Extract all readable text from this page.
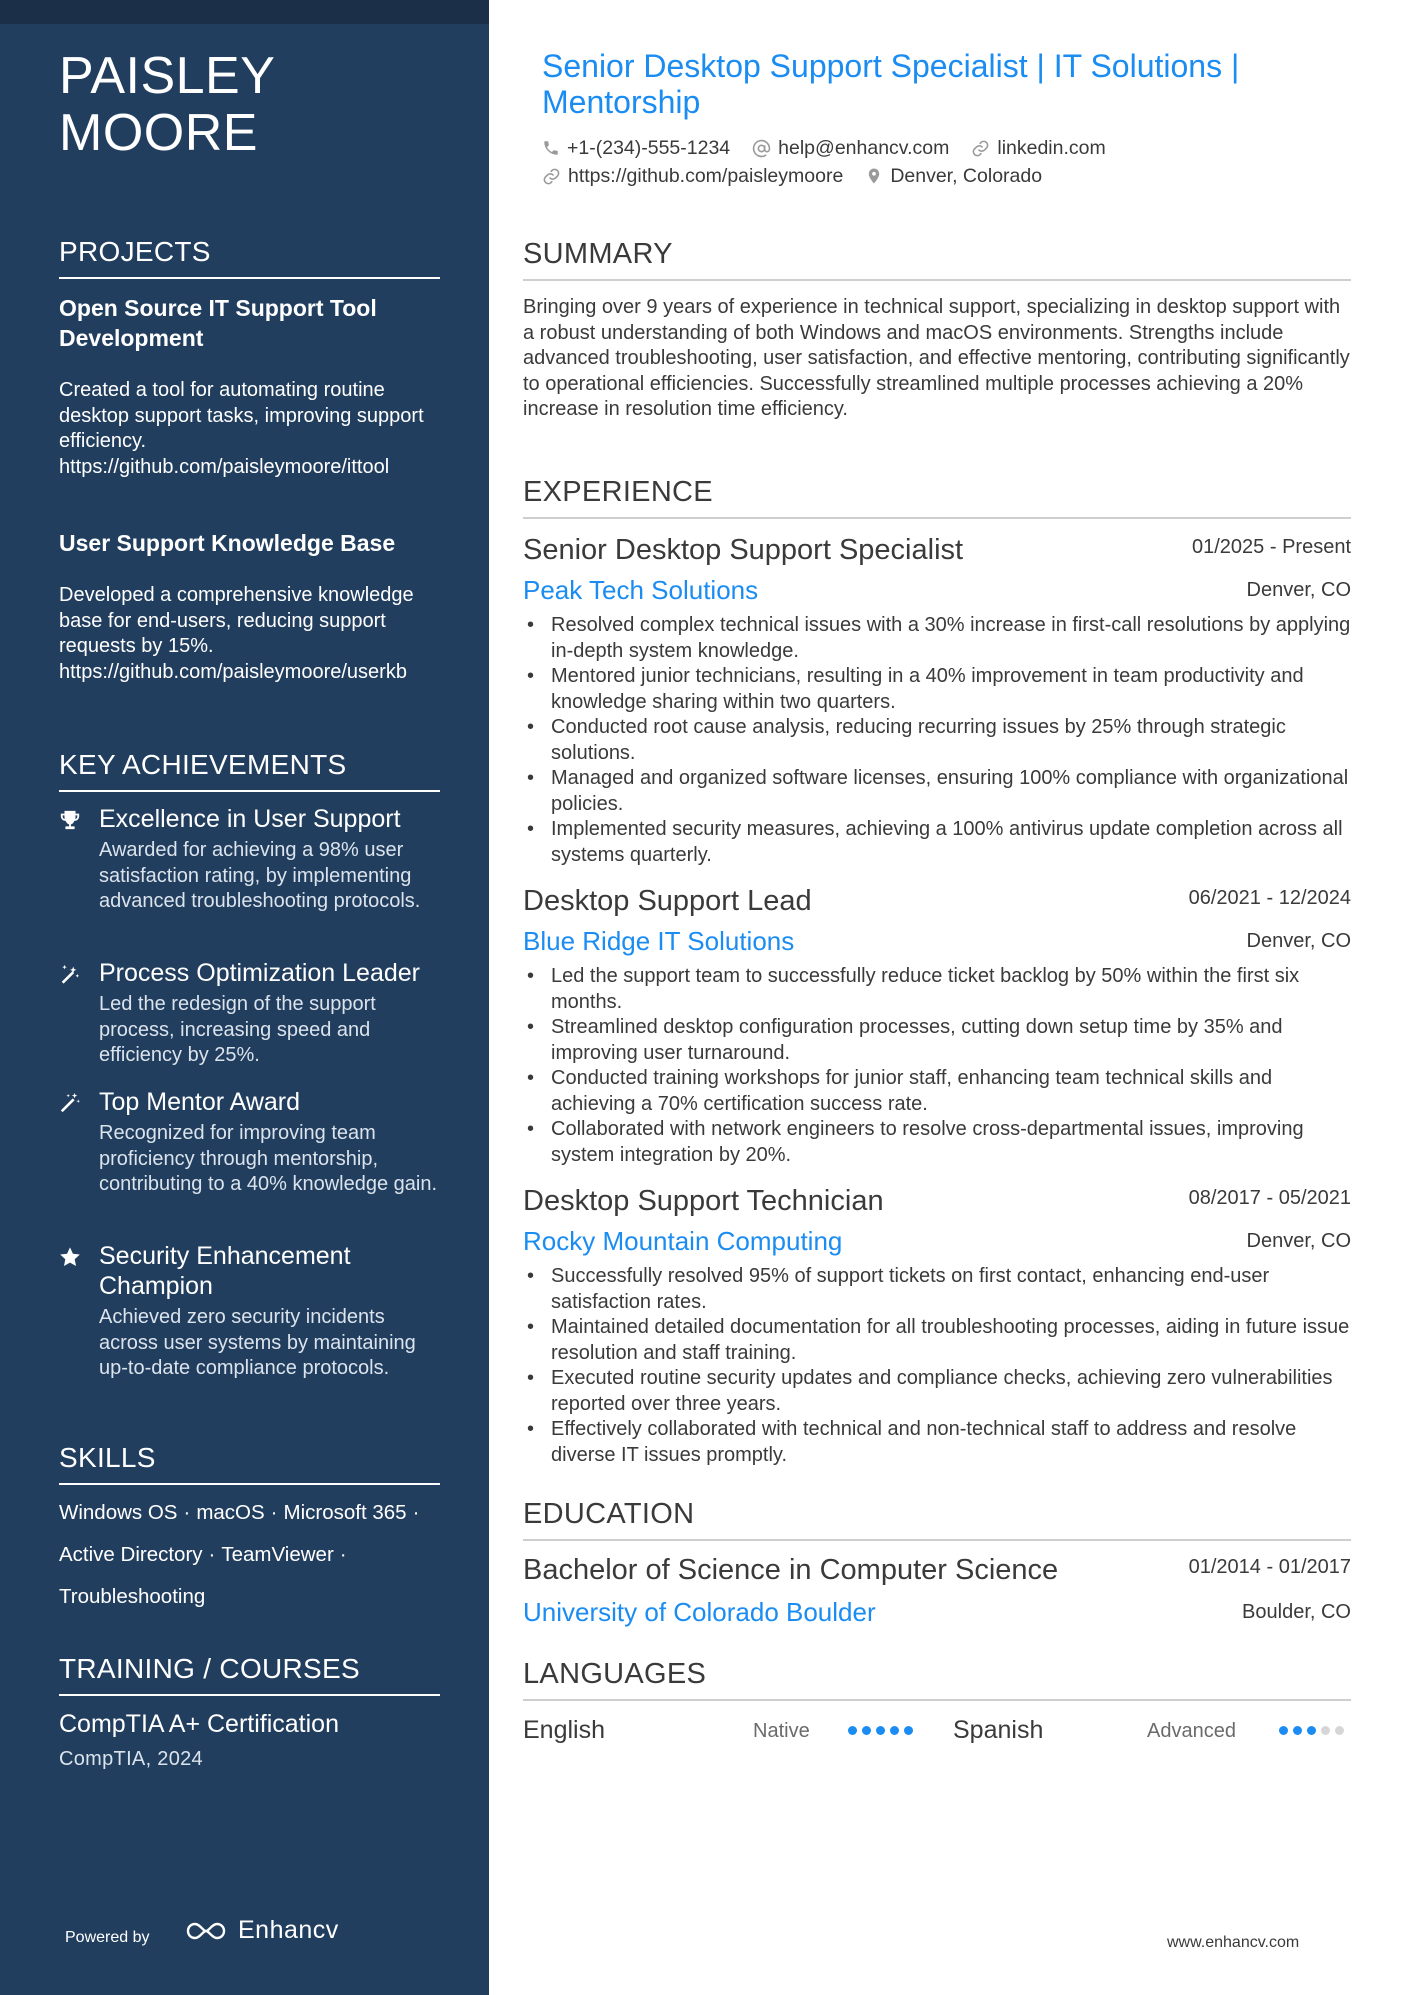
PAISLEY
MOORE
PROJECTS
Open Source IT Support Tool Development
Created a tool for automating routine desktop support tasks, improving support efficiency.
https://github.com/paisleymoore/ittool
User Support Knowledge Base
Developed a comprehensive knowledge base for end-users, reducing support requests by 15%.
https://github.com/paisleymoore/userkb
KEY ACHIEVEMENTS
Excellence in User Support
Awarded for achieving a 98% user satisfaction rating, by implementing advanced troubleshooting protocols.
Process Optimization Leader
Led the redesign of the support process, increasing speed and efficiency by 25%.
Top Mentor Award
Recognized for improving team proficiency through mentorship, contributing to a 40% knowledge gain.
Security Enhancement Champion
Achieved zero security incidents across user systems by maintaining up-to-date compliance protocols.
SKILLS
Windows OS · macOS · Microsoft 365 ·
Active Directory · TeamViewer ·
Troubleshooting
TRAINING / COURSES
CompTIA A+ Certification
CompTIA, 2024
Powered by	Enhancv
Senior Desktop Support Specialist | IT Solutions | Mentorship
+1-(234)-555-1234 help@enhancv.com linkedin.com
https://github.com/paisleymoore Denver, Colorado
SUMMARY
Bringing over 9 years of experience in technical support, specializing in desktop support with a robust understanding of both Windows and macOS environments. Strengths include advanced troubleshooting, user satisfaction, and effective mentoring, contributing significantly to operational efficiencies. Successfully streamlined multiple processes achieving a 20% increase in resolution time efficiency.
EXPERIENCE
Senior Desktop Support Specialist	01/2025 - Present
Peak Tech Solutions	Denver, CO
• Resolved complex technical issues with a 30% increase in first-call resolutions by applying in-depth system knowledge.
• Mentored junior technicians, resulting in a 40% improvement in team productivity and knowledge sharing within two quarters.
• Conducted root cause analysis, reducing recurring issues by 25% through strategic solutions.
• Managed and organized software licenses, ensuring 100% compliance with organizational policies.
• Implemented security measures, achieving a 100% antivirus update completion across all systems quarterly.
Desktop Support Lead	06/2021 - 12/2024
Blue Ridge IT Solutions	Denver, CO
• Led the support team to successfully reduce ticket backlog by 50% within the first six months.
• Streamlined desktop configuration processes, cutting down setup time by 35% and improving user turnaround.
• Conducted training workshops for junior staff, enhancing team technical skills and achieving a 70% certification success rate.
• Collaborated with network engineers to resolve cross-departmental issues, improving system integration by 20%.
Desktop Support Technician	08/2017 - 05/2021
Rocky Mountain Computing	Denver, CO
• Successfully resolved 95% of support tickets on first contact, enhancing end-user satisfaction rates.
• Maintained detailed documentation for all troubleshooting processes, aiding in future issue resolution and staff training.
• Executed routine security updates and compliance checks, achieving zero vulnerabilities reported over three years.
• Effectively collaborated with technical and non-technical staff to address and resolve diverse IT issues promptly.
EDUCATION
Bachelor of Science in Computer Science	01/2014 - 01/2017
University of Colorado Boulder	Boulder, CO
LANGUAGES
English	Native	Spanish	Advanced
www.enhancv.com
